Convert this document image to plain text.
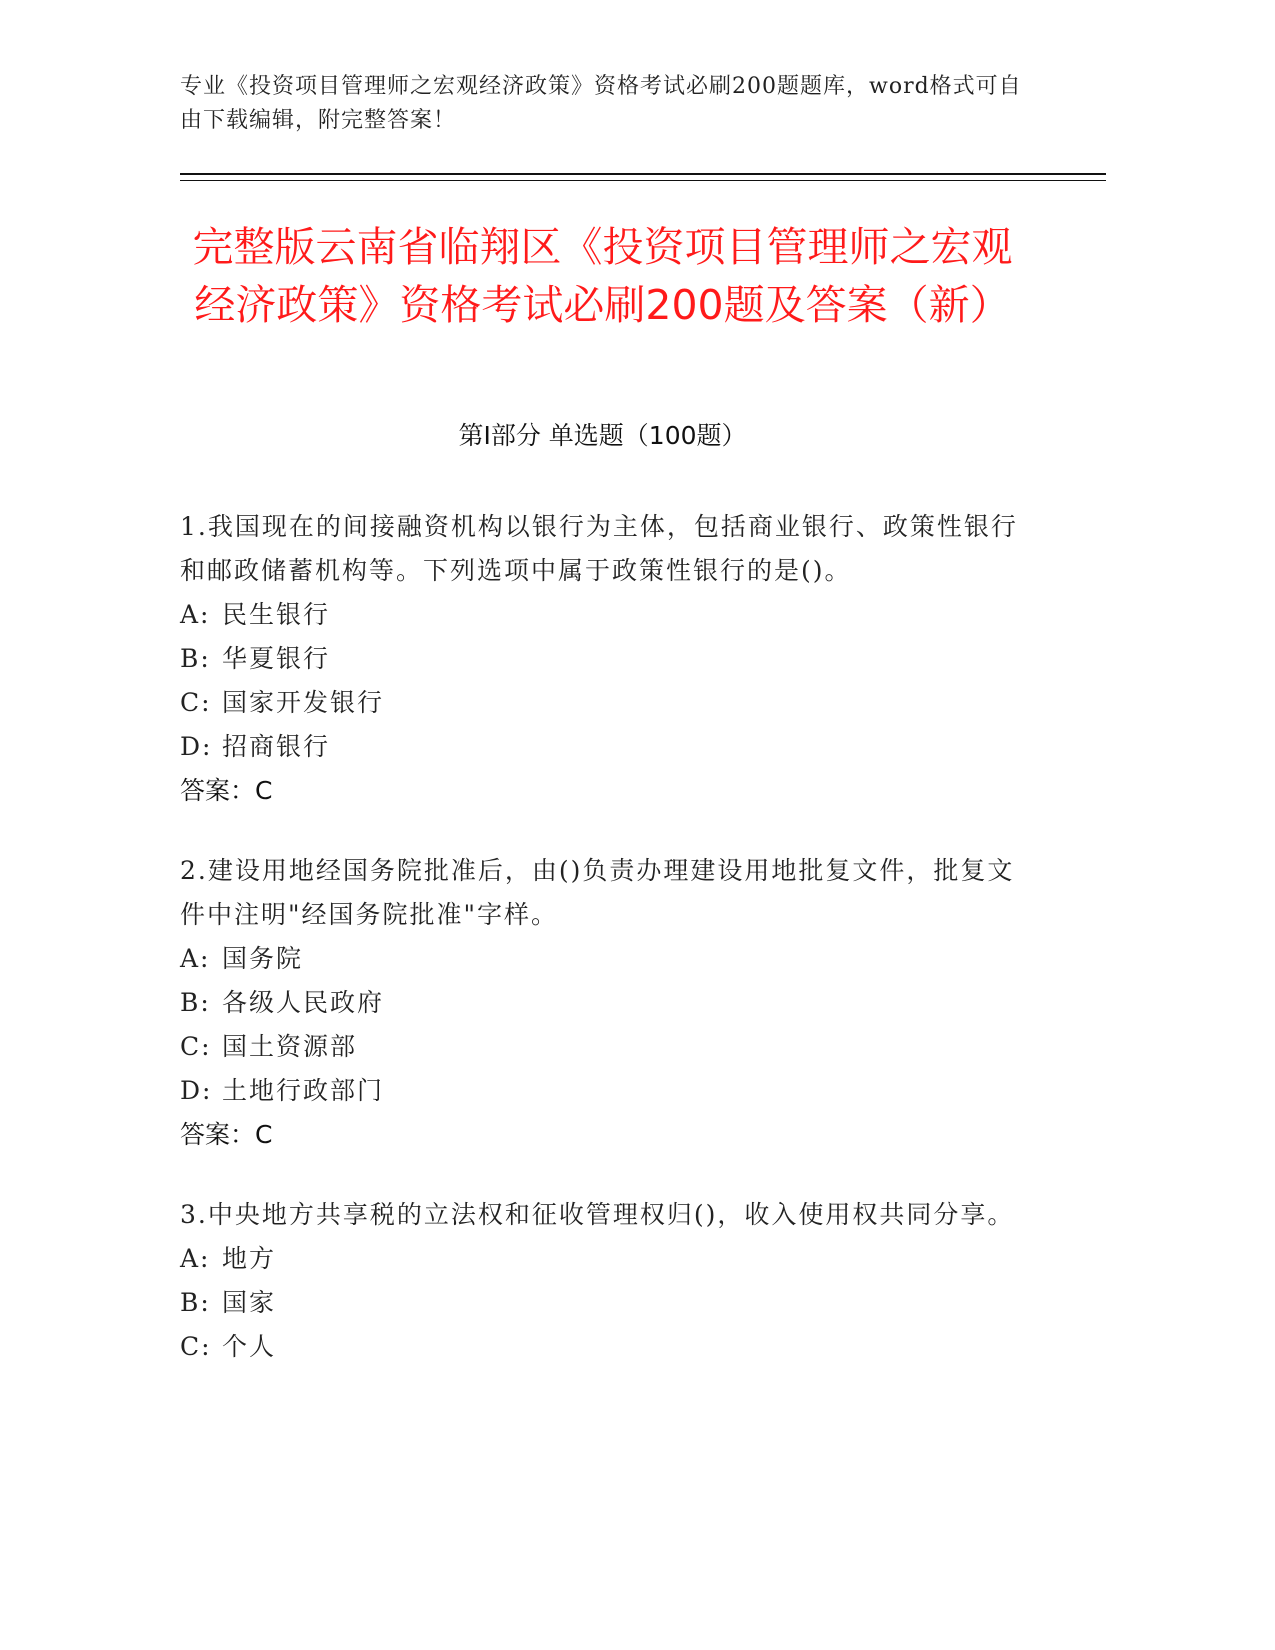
专业《投资项目管理师之宏观经济政策》资格考试必刷200题题库，word格式可自由下载编辑，附完整答案！
完整版云南省临翔区《投资项目管理师之宏观经济政策》资格考试必刷200题及答案（新）
第Ⅰ部分 单选题（100题）
1.我国现在的间接融资机构以银行为主体，包括商业银行、政策性银行和邮政储蓄机构等。下列选项中属于政策性银行的是()。
A: 民生银行
B: 华夏银行
C: 国家开发银行
D: 招商银行
答案：C
2.建设用地经国务院批准后，由()负责办理建设用地批复文件，批复文件中注明"经国务院批准"字样。
A: 国务院
B: 各级人民政府
C: 国土资源部
D: 土地行政部门
答案：C
3.中央地方共享税的立法权和征收管理权归()，收入使用权共同分享。
A: 地方
B: 国家
C: 个人
